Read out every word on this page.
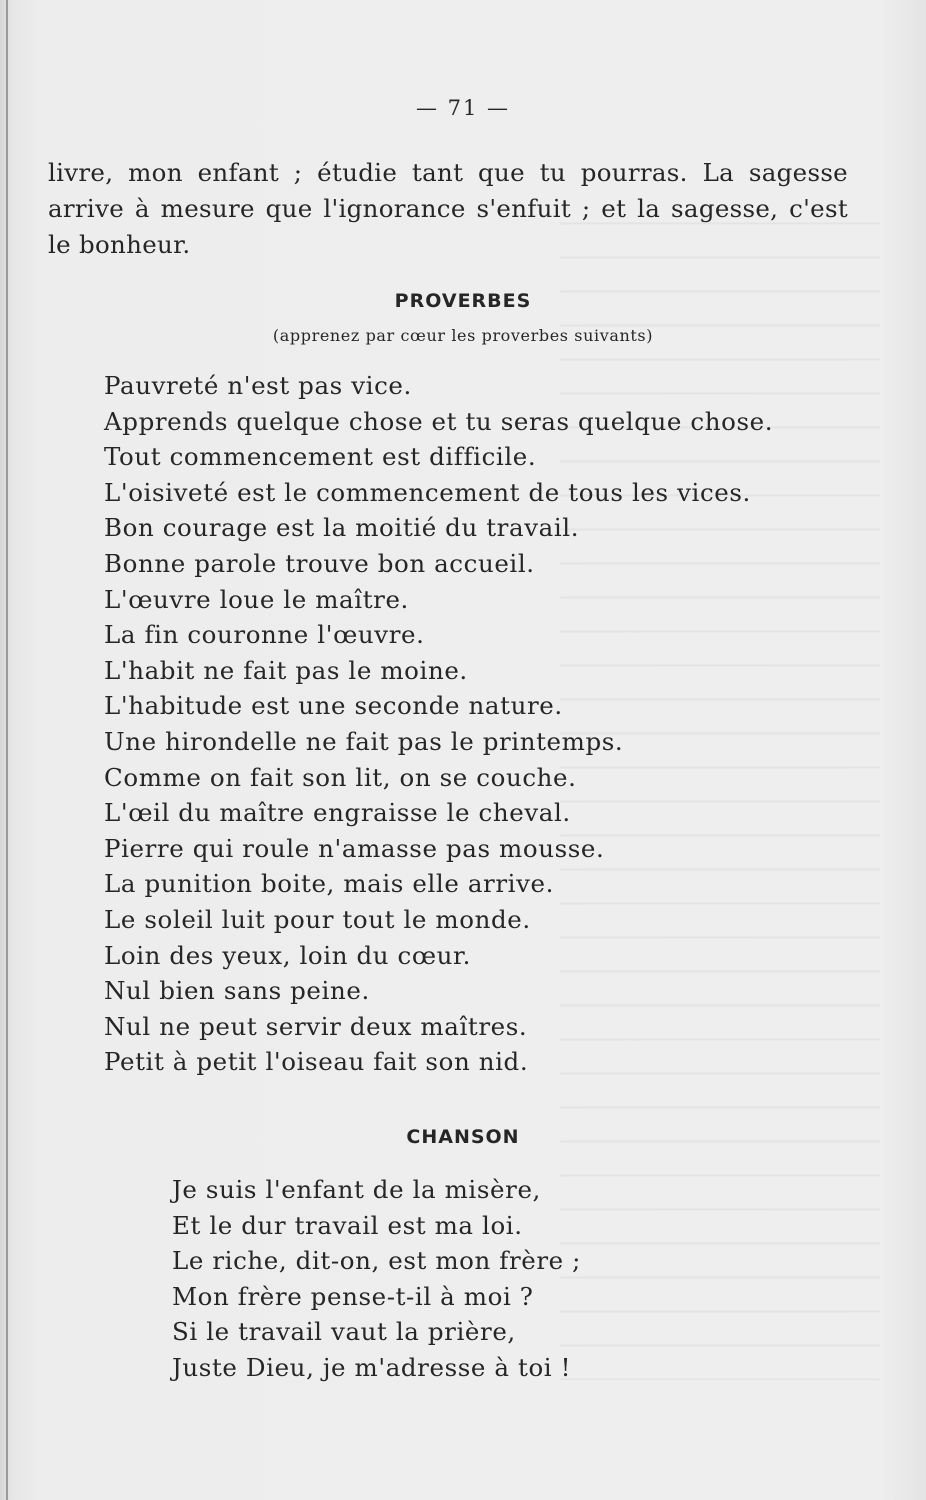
— 71 —

livre, mon enfant ; étudie tant que tu pourras. La sagesse arrive à mesure que l'ignorance s'enfuit ; et la sagesse, c'est le bonheur.

PROVERBES

(apprenez par cœur les proverbes suivants)

Pauvreté n'est pas vice.
Apprends quelque chose et tu seras quelque chose.
Tout commencement est difficile.
L'oisiveté est le commencement de tous les vices.
Bon courage est la moitié du travail.
Bonne parole trouve bon accueil.
L'œuvre loue le maître.
La fin couronne l'œuvre.
L'habit ne fait pas le moine.
L'habitude est une seconde nature.
Une hirondelle ne fait pas le printemps.
Comme on fait son lit, on se couche.
L'œil du maître engraisse le cheval.
Pierre qui roule n'amasse pas mousse.
La punition boite, mais elle arrive.
Le soleil luit pour tout le monde.
Loin des yeux, loin du cœur.
Nul bien sans peine.
Nul ne peut servir deux maîtres.
Petit à petit l'oiseau fait son nid.
CHANSON
Je suis l'enfant de la misère,
Et le dur travail est ma loi.
Le riche, dit-on, est mon frère ;
Mon frère pense-t-il à moi ?
Si le travail vaut la prière,
Juste Dieu, je m'adresse à toi !
